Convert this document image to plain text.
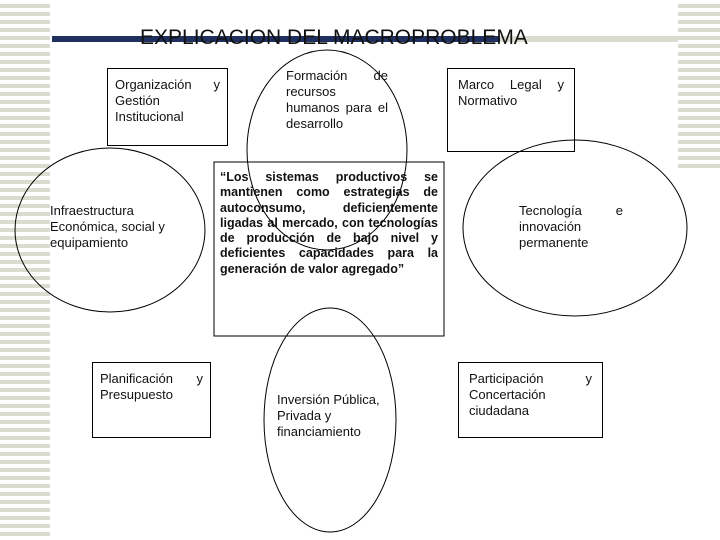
EXPLICACION DEL MACROPROBLEMA
Organización y Gestión Institucional
Formación de recursos humanos para el desarrollo
Marco Legal y Normativo
Infraestructura Económica, social y equipamiento
“Los sistemas productivos se mantienen como estrategias de autoconsumo, deficientemente ligadas al mercado, con tecnologías de producción de bajo nivel y deficientes capacidades para la generación de valor agregado”
Tecnología e innovación permanente
Planificación y Presupuesto	Inversión Pública, Privada y financiamiento
Participación y Concertación ciudadana
